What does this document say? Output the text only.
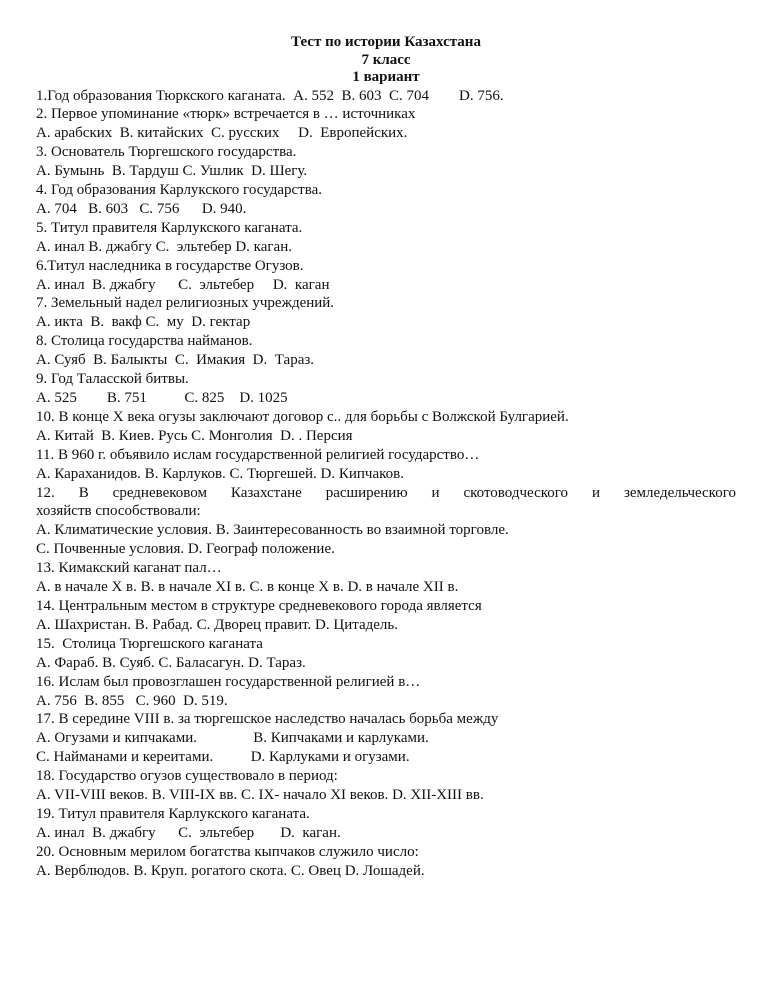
Тест по истории Казахстана
7 класс
1 вариант
1.Год образования Тюркского каганата.  A. 552  B. 603  C. 704        D. 756.
2. Первое упоминание «тюрк» встречается в … источниках
A. арабских  B. китайских  C. русских     D.  Европейских.
3. Основатель Тюргешского государства.
A. Бумынь  B. Тардуш C. Ушлик  D. Шегу.
4. Год образования Карлукского государства.
A. 704   B. 603   C. 756      D. 940.
5. Титул правителя Карлукского каганата.
A. инал B. джабгу C.  эльтебер D. каган.
6.Титул наследника в государстве Огузов.
A. инал  B. джабгу      C.  эльтебер     D.  каган
7. Земельный надел религиозных учреждений.
A. икта  B.  вакф C.  му  D. гектар
8. Столица государства найманов.
A. Суяб  B. Балыкты  C.  Имакия  D.  Тараз.
9. Год Таласской битвы.
A. 525        B. 751          C. 825    D. 1025
10. В конце X века огузы заключают договор с.. для борьбы с Волжской Булгарией.
A. Китай  B. Киев. Русь C. Монголия  D. . Персия
11. В 960 г. объявило ислам государственной религией государство…
A. Караханидов. B. Карлуков. C. Тюргешей. D. Кипчаков.
12. В средневековом Казахстане расширению и скотоводческого и земледельческого
хозяйств способствовали:
A. Климатические условия. B. Заинтересованность во взаимной торговле.
C. Почвенные условия. D. Географ положение.
13. Кимакский каганат пал…
A. в начале X в. B. в начале XI в. C. в конце X в. D. в начале XII в.
14. Центральным местом в структуре средневекового города является
A. Шахристан. B. Рабад. C. Дворец правит. D. Цитадель.
15.  Столица Тюргешского каганата
A. Фараб. B. Суяб. C. Баласагун. D. Тараз.
16. Ислам был провозглашен государственной религией в…
A. 756  B. 855   C. 960  D. 519.
17. В середине VIII в. за тюргешское наследство началась борьба между
A. Огузами и кипчаками.               B. Кипчаками и карлуками.
C. Найманами и кереитами.          D. Карлуками и огузами.
18. Государство огузов существовало в период:
A. VII-VIII веков. B. VIII-IX вв. C. IX- начало XI веков. D. XII-XIII вв.
19. Титул правителя Карлукского каганата.
A. инал  B. джабгу      C.  эльтебер       D.  каган.
20. Основным мерилом богатства кыпчаков служило число:
A. Верблюдов. B. Круп. рогатого скота. C. Овец D. Лошадей.
